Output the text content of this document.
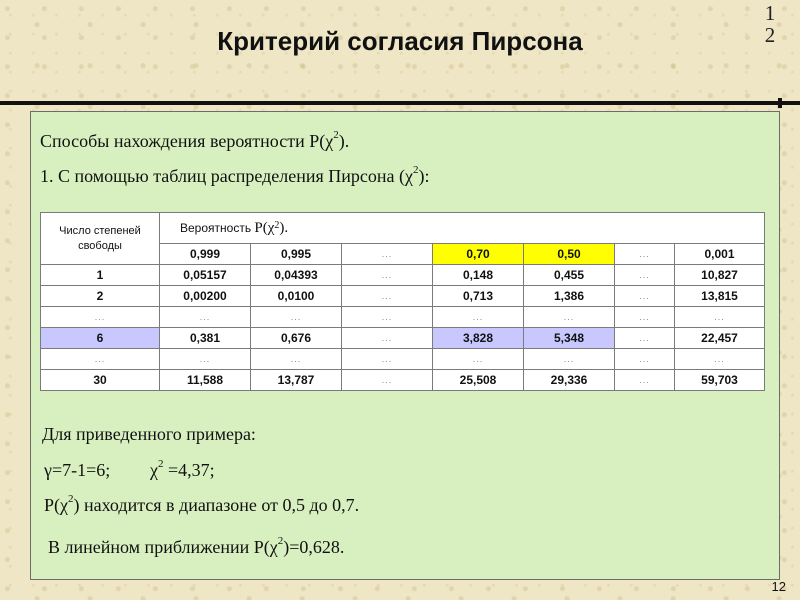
12
Критерий согласия Пирсона
Способы нахождения вероятности $P(\chi^2)$.
1. С помощью таблиц распределения Пирсона $(\chi^2)$:
Число степеней свободы	Вероятность $P(\chi^2)$.						
	0,999	0,995	...	0,70	0,50	...	0,001
1	0,05157	0,04393	...	0,148	0,455	...	10,827
2	0,00200	0,0100	...	0,713	1,386	...	13,815
...	...	...	...	...	...	...	...
6	0,381	0,676	...	3,828	5,348	...	22,457
...	...	...	...	...	...	...	...
30	11,588	13,787	...	25,508	29,336	...	59,703
Для приведенного примера:
γ=7-1=6; $\chi^2 =4,37$;
$P(\chi^2)$ находится в диапазоне от 0,5 до 0,7.
В линейном приближении $P(\chi^2)=0,628$.
12
